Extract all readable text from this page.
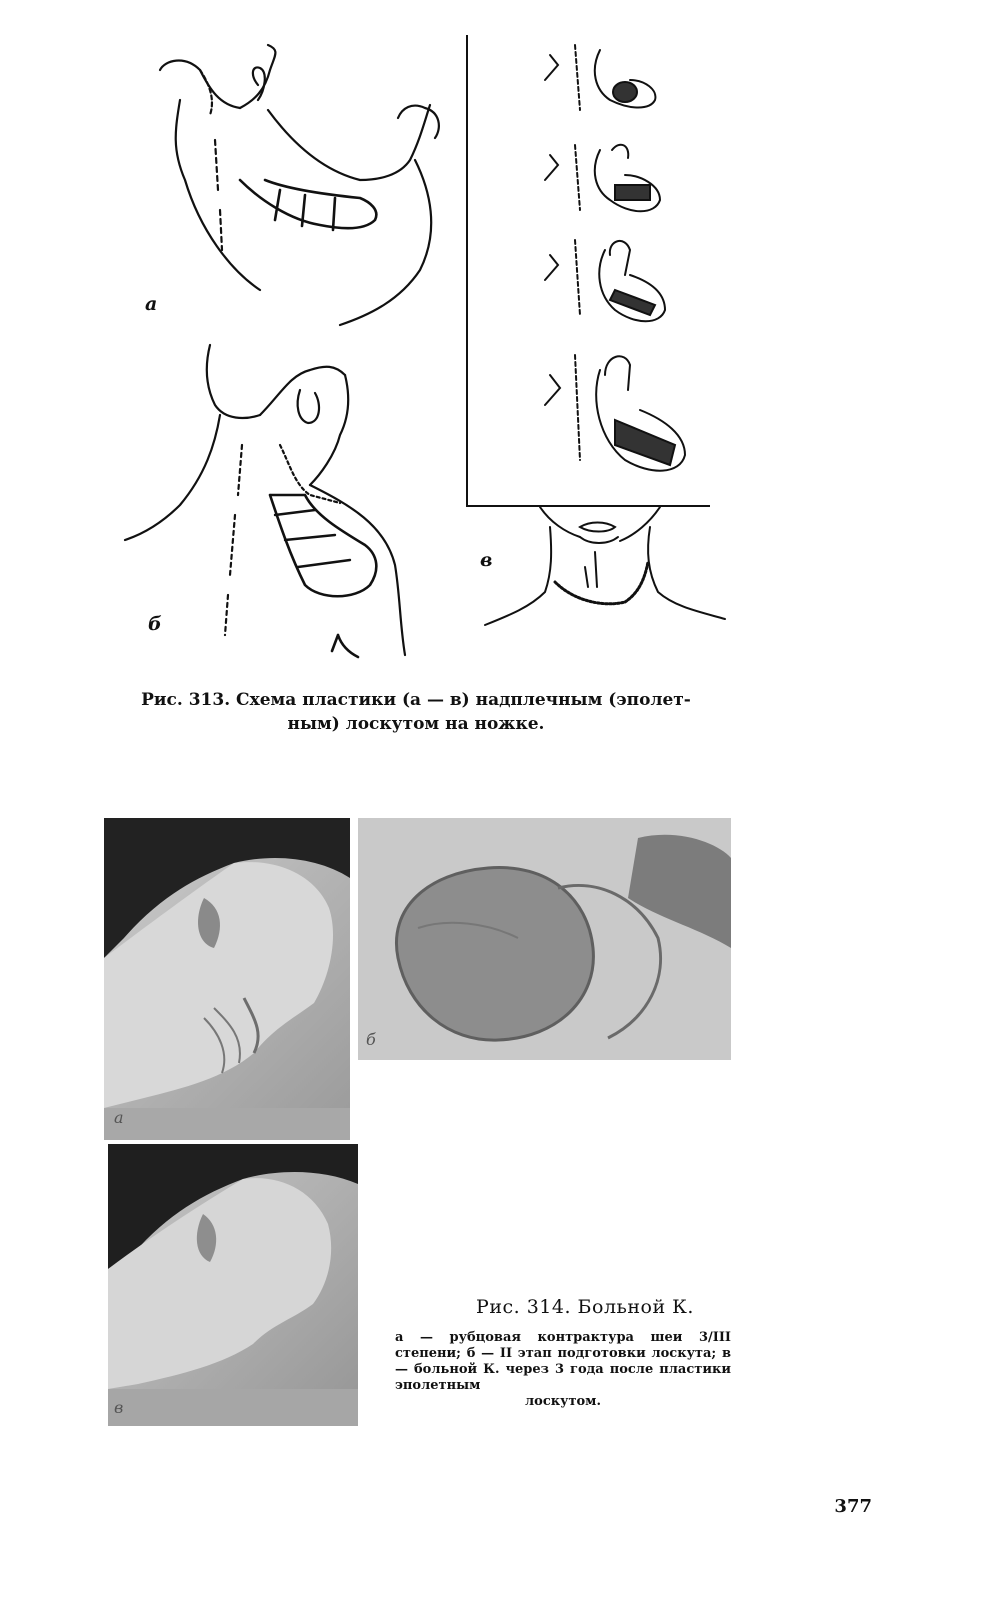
а
б
в
Рис. 313. Схема пластики (а — в) надплечным (эполет-
ным) лоскутом на ножке.
а
б
в
Рис. 314. Больной К.
а — рубцовая контрактура шеи 3/III степени; б — II этап подготовки лоскута; в — больной К. через 3 года после пластики эполетным
лоскутом.
377
